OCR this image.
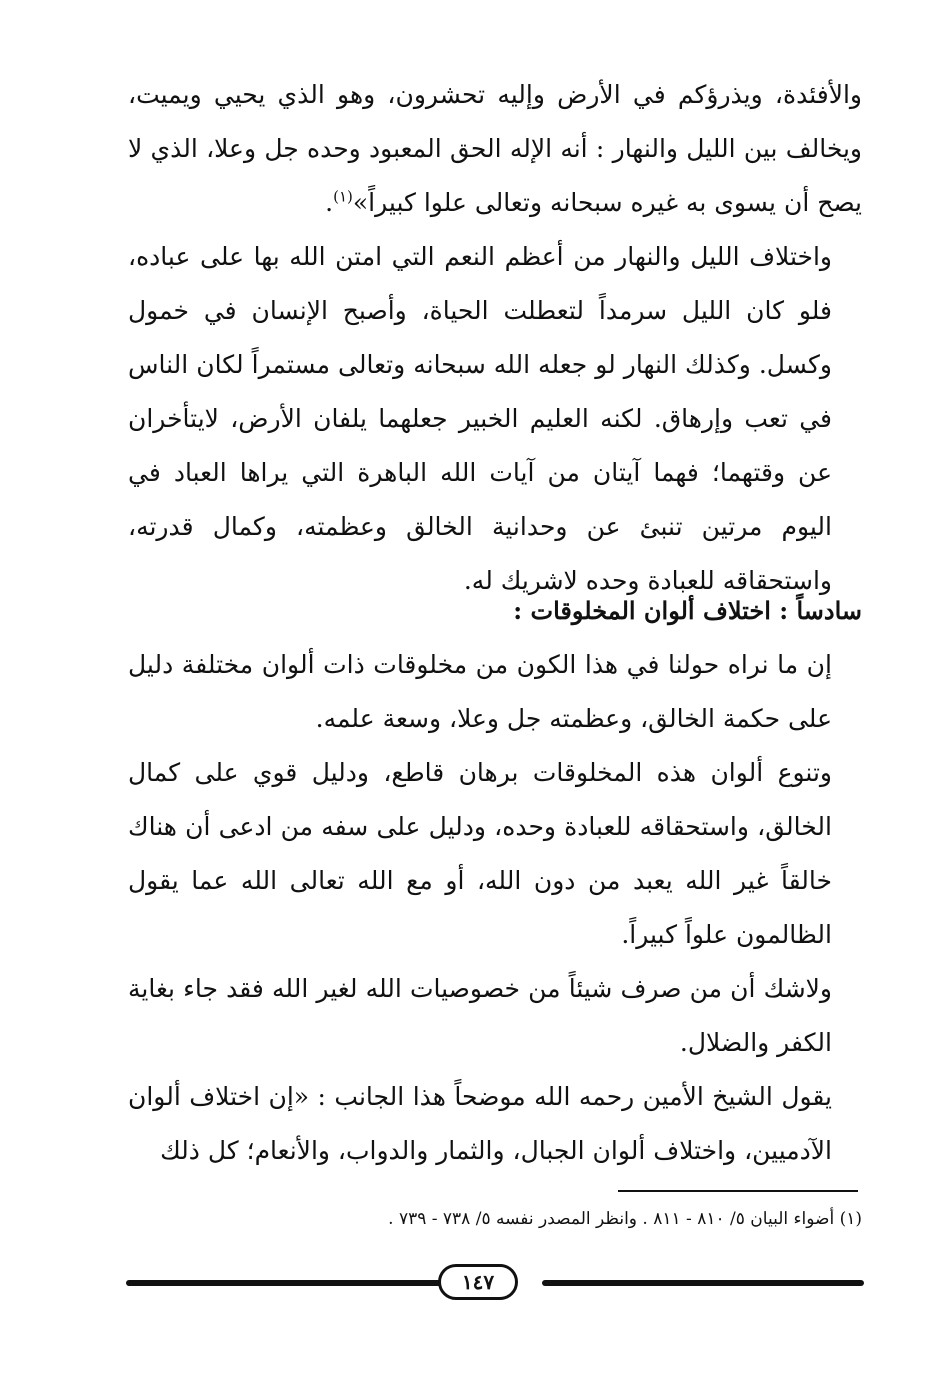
والأفئدة، ويذرؤكم في الأرض وإليه تحشرون، وهو الذي يحيي ويميت، ويخالف بين الليل والنهار : أنه الإله الحق المعبود وحده جل وعلا، الذي لا يصح أن يسوى به غيره سبحانه وتعالى علوا كبيراً»$^{(١)}$.

واختلاف الليل والنهار من أعظم النعم التي امتن الله بها على عباده، فلو كان الليل سرمداً لتعطلت الحياة، وأصبح الإنسان في خمول وكسل. وكذلك النهار لو جعله الله سبحانه وتعالى مستمراً لكان الناس في تعب وإرهاق. لكنه العليم الخبير جعلهما يلفان الأرض، لايتأخران عن وقتهما؛ فهما آيتان من آيات الله الباهرة التي يراها العباد في اليوم مرتين تنبئ عن وحدانية الخالق وعظمته، وكمال قدرته، واستحقاقه للعبادة وحده لاشريك له.

سادساً : اختلاف ألوان المخلوقات :

إن ما نراه حولنا في هذا الكون من مخلوقات ذات ألوان مختلفة دليل على حكمة الخالق، وعظمته جل وعلا، وسعة علمه.

وتنوع ألوان هذه المخلوقات برهان قاطع، ودليل قوي على كمال الخالق، واستحقاقه للعبادة وحده، ودليل على سفه من ادعى أن هناك خالقاً غير الله يعبد من دون الله، أو مع الله تعالى الله عما يقول الظالمون علواً كبيراً.

ولاشك أن من صرف شيئاً من خصوصيات الله لغير الله فقد جاء بغاية الكفر والضلال.

يقول الشيخ الأمين رحمه الله موضحاً هذا الجانب : «إن اختلاف ألوان الآدميين، واختلاف ألوان الجبال، والثمار والدواب، والأنعام؛ كل ذلك

(١) أضواء البيان ٥/ ٨١٠ - ٨١١ . وانظر المصدر نفسه ٥/ ٧٣٨ - ٧٣٩ .
١٤٧
